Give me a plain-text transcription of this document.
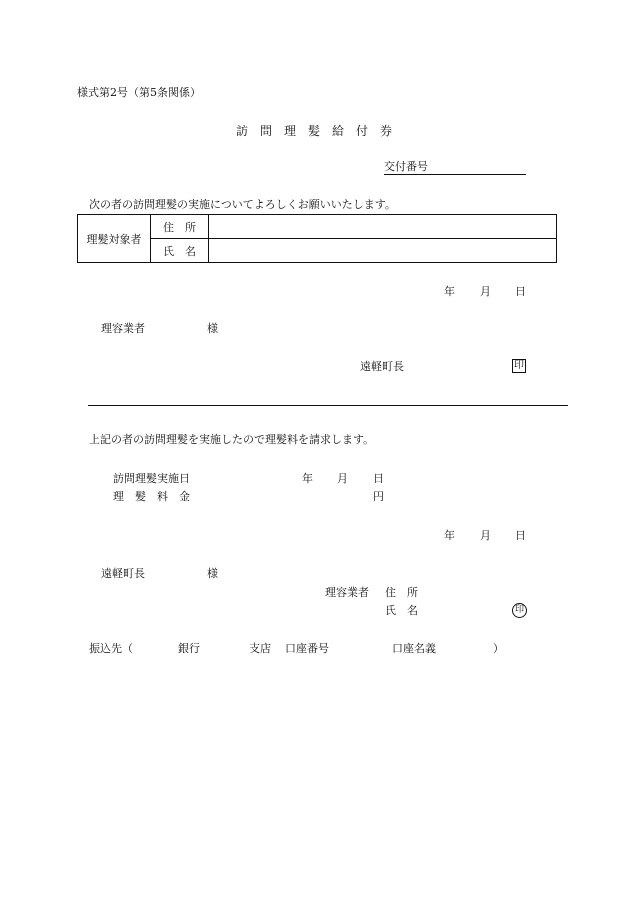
様式第2号（第5条関係）
訪　問　理　髪　給　付　券
交付番号
次の者の訪問理髪の実施についてよろしくお願いいたします。
理髪対象者	住　所	
	氏　名	
年 月 日
理容業者	様
遠軽町長	印
上記の者の訪問理髪を実施したので理髪料を請求します。
訪問理髪実施日	年 月 日
理　髪　料　金	円
年 月 日
遠軽町長	様
理容業者 住　所
氏　名	印
振込先（	銀行	支店 口座番号	口座名義	）
